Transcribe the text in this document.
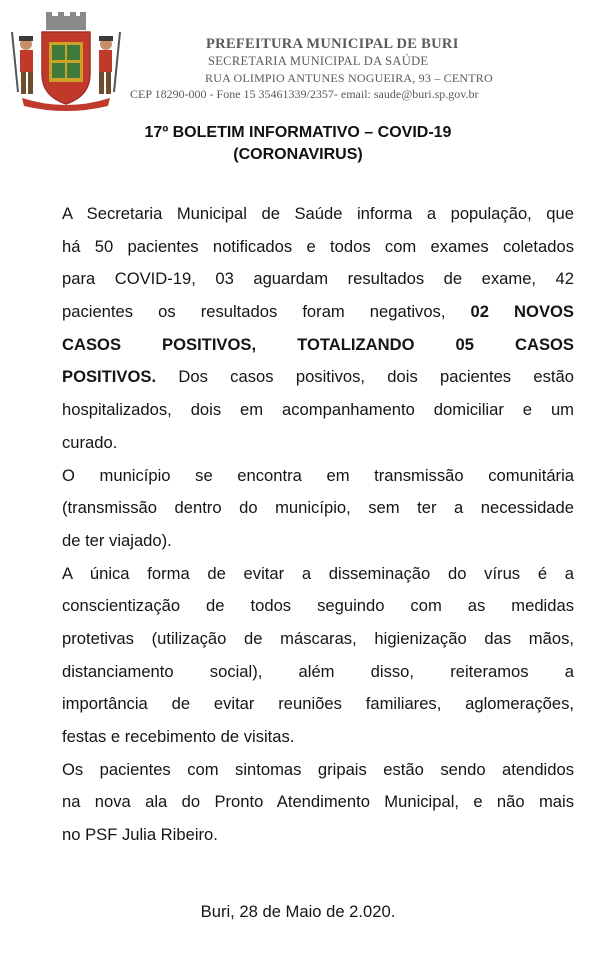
PREFEITURA MUNICIPAL DE BURI
SECRETARIA MUNICIPAL DA SAÚDE
RUA OLIMPIO ANTUNES NOGUEIRA, 93 – CENTRO
CEP 18290-000 - Fone 15 35461339/2357- email: saude@buri.sp.gov.br
17º BOLETIM INFORMATIVO – COVID-19
(CORONAVIRUS)
A Secretaria Municipal de Saúde informa a população, que
há 50 pacientes notificados e todos com exames coletados
para COVID-19, 03 aguardam resultados de exame, 42
pacientes os resultados foram negativos, 02 NOVOS
CASOS POSITIVOS, TOTALIZANDO 05 CASOS
POSITIVOS. Dos casos positivos, dois pacientes estão
hospitalizados, dois em acompanhamento domiciliar e um
curado.
O município se encontra em transmissão comunitária
(transmissão dentro do município, sem ter a necessidade
de ter viajado).
A única forma de evitar a disseminação do vírus é a
conscientização de todos seguindo com as medidas
protetivas (utilização de máscaras, higienização das mãos,
distanciamento social), além disso, reiteramos a
importância de evitar reuniões familiares, aglomerações,
festas e recebimento de visitas.
Os pacientes com sintomas gripais estão sendo atendidos
na nova ala do Pronto Atendimento Municipal, e não mais
no PSF Julia Ribeiro.
Buri, 28 de Maio de 2.020.
